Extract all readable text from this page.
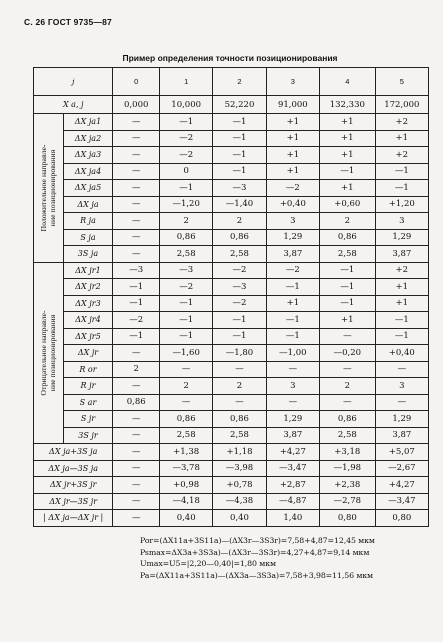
С. 26 ГОСТ 9735—87
Пример определения точности позиционирования
j		0	1	2	3	4	5
X a, j		0,000	10,000	52,220	91,000	132,330	172,000

Положительное направле- ние позиционирования	ΔX ja1	—	—1	—1	+1	+1	+2
	ΔX ja2	—	—2	—1	+1	+1	+1
	ΔX ja3	—	—2	—1	+1	+1	+2
	ΔX ja4	—	0	—1	+1	—1	—1
	ΔX ja5	—	—1	—3	—2	+1	—1
	ΔX ja	—	—1,20	—1,40	+0,40	+0,60	+1,20
	R ja	—	2	2	3	2	3
	S ja	—	0,86	0,86	1,29	0,86	1,29
	3S ja	—	2,58	2,58	3,87	2,58	3,87

Отрицательное направле- ние позиционирования	ΔX jr1	—3	—3	—2	—2	—1	+2
	ΔX jr2	—1	—2	—3	—1	—1	+1
	ΔX jr3	—1	—1	—2	+1	—1	+1
	ΔX jr4	—2	—1	—1	—1	+1	—1
	ΔX jr5	—1	—1	—1	—1	—	—1
	ΔX jr	—	—1,60	—1,80	—1,00	—0,20	+0,40
	R or	2	—	—	—	—	—
	R jr	—	2	2	3	2	3
	S ar	0,86	—	—	—	—	—
	S jr	—	0,86	0,86	1,29	0,86	1,29
	3S jr	—	2,58	2,58	3,87	2,58	3,87
ΔX ja+3S ja		—	+1,38	+1,18	+4,27	+3,18	+5,07
ΔX ja—3S ja		—	—3,78	—3,98	—3,47	—1,98	—2,67
ΔX jr+3S jr		—	+0,98	+0,78	+2,87	+2,38	+4,27
ΔX jr—3S jr		—	—4,18	—4,38	—4,87	—2,78	—3,47
| ΔX ja—ΔX jr |		—	0,40	0,40	1,40	0,80	0,80
Por=(ΔX11a+3S11a)—(ΔX3r—3S3r)=7,58+4,87=12,45 мкм
Psmax=ΔX3a+3S3a)—(ΔX3r—3S3r)=4,27+4,87=9,14 мкм
Umax=U5=|2,20—0,40|=1,80 мкм
Pa=(ΔX11a+3S11a)—(ΔX3a—3S3a)=7,58+3,98=11,56 мкм
